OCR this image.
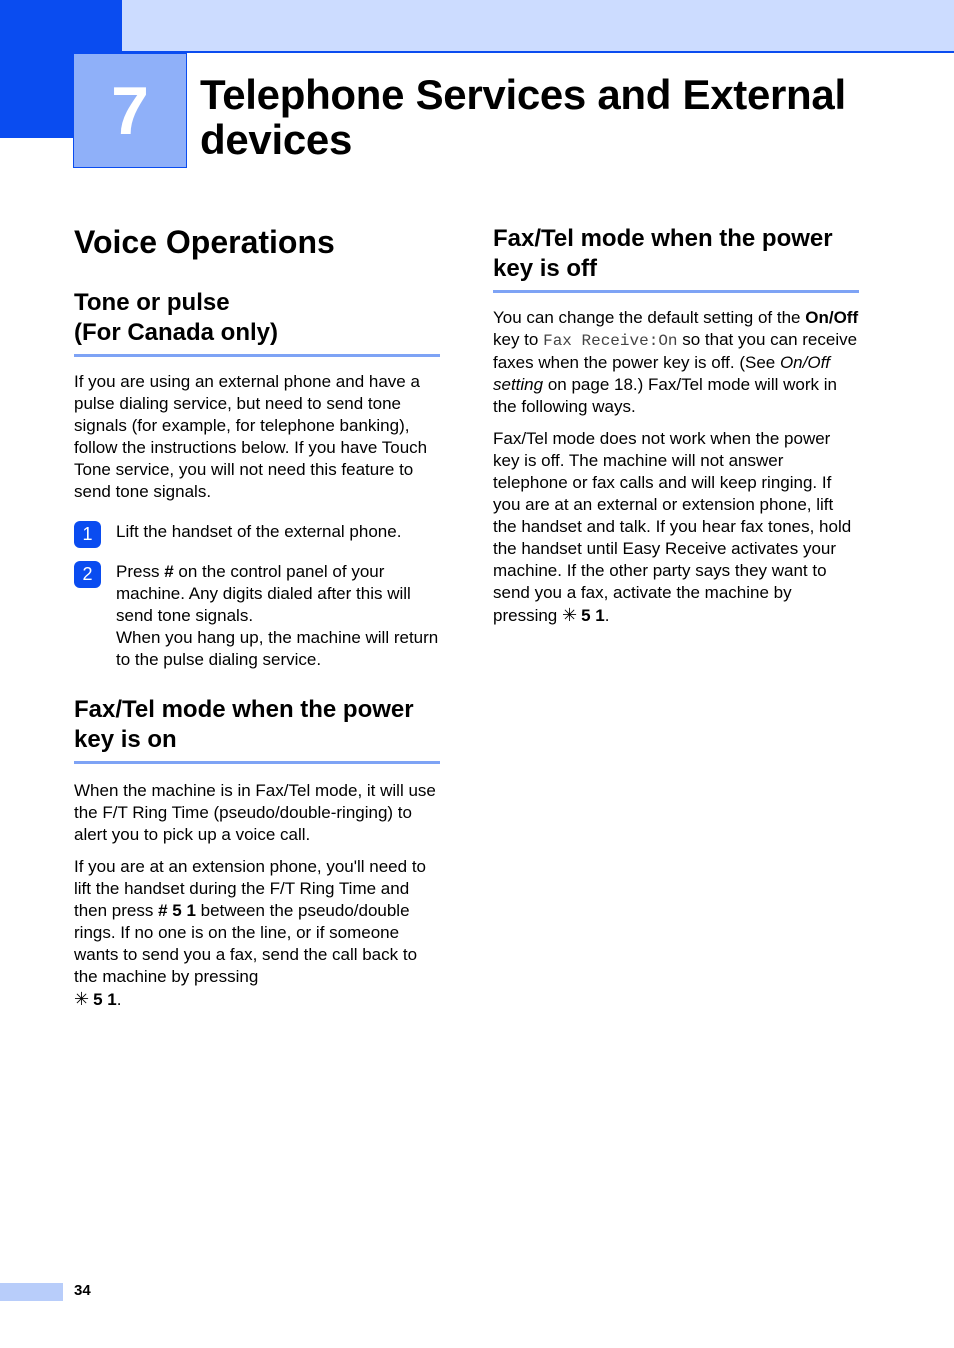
7 Telephone Services and External devices
Voice Operations
Tone or pulse
(For Canada only)

If you are using an external phone and have a pulse dialing service, but need to send tone signals (for example, for telephone banking), follow the instructions below. If you have Touch Tone service, you will not need this feature to send tone signals.

1	Lift the handset of the external phone.
2	Press # on the control panel of your machine. Any digits dialed after this will send tone signals.
When you hang up, the machine will return to the pulse dialing service.
Fax/Tel mode when the power key is on

When the machine is in Fax/Tel mode, it will use the F/T Ring Time (pseudo/double-ringing) to alert you to pick up a voice call.

If you are at an extension phone, you'll need to lift the handset during the F/T Ring Time and then press # 5 1 between the pseudo/double rings. If no one is on the line, or if someone wants to send you a fax, send the call back to the machine by pressing
✳ 5 1.

Fax/Tel mode when the power key is off

You can change the default setting of the On/Off key to Fax Receive:On so that you can receive faxes when the power key is off. (See On/Off setting on page 18.) Fax/Tel mode will work in the following ways.

Fax/Tel mode does not work when the power key is off. The machine will not answer telephone or fax calls and will keep ringing. If you are at an external or extension phone, lift the handset and talk. If you hear fax tones, hold the handset until Easy Receive activates your machine. If the other party says they want to send you a fax, activate the machine by pressing ✳ 5 1.

34
